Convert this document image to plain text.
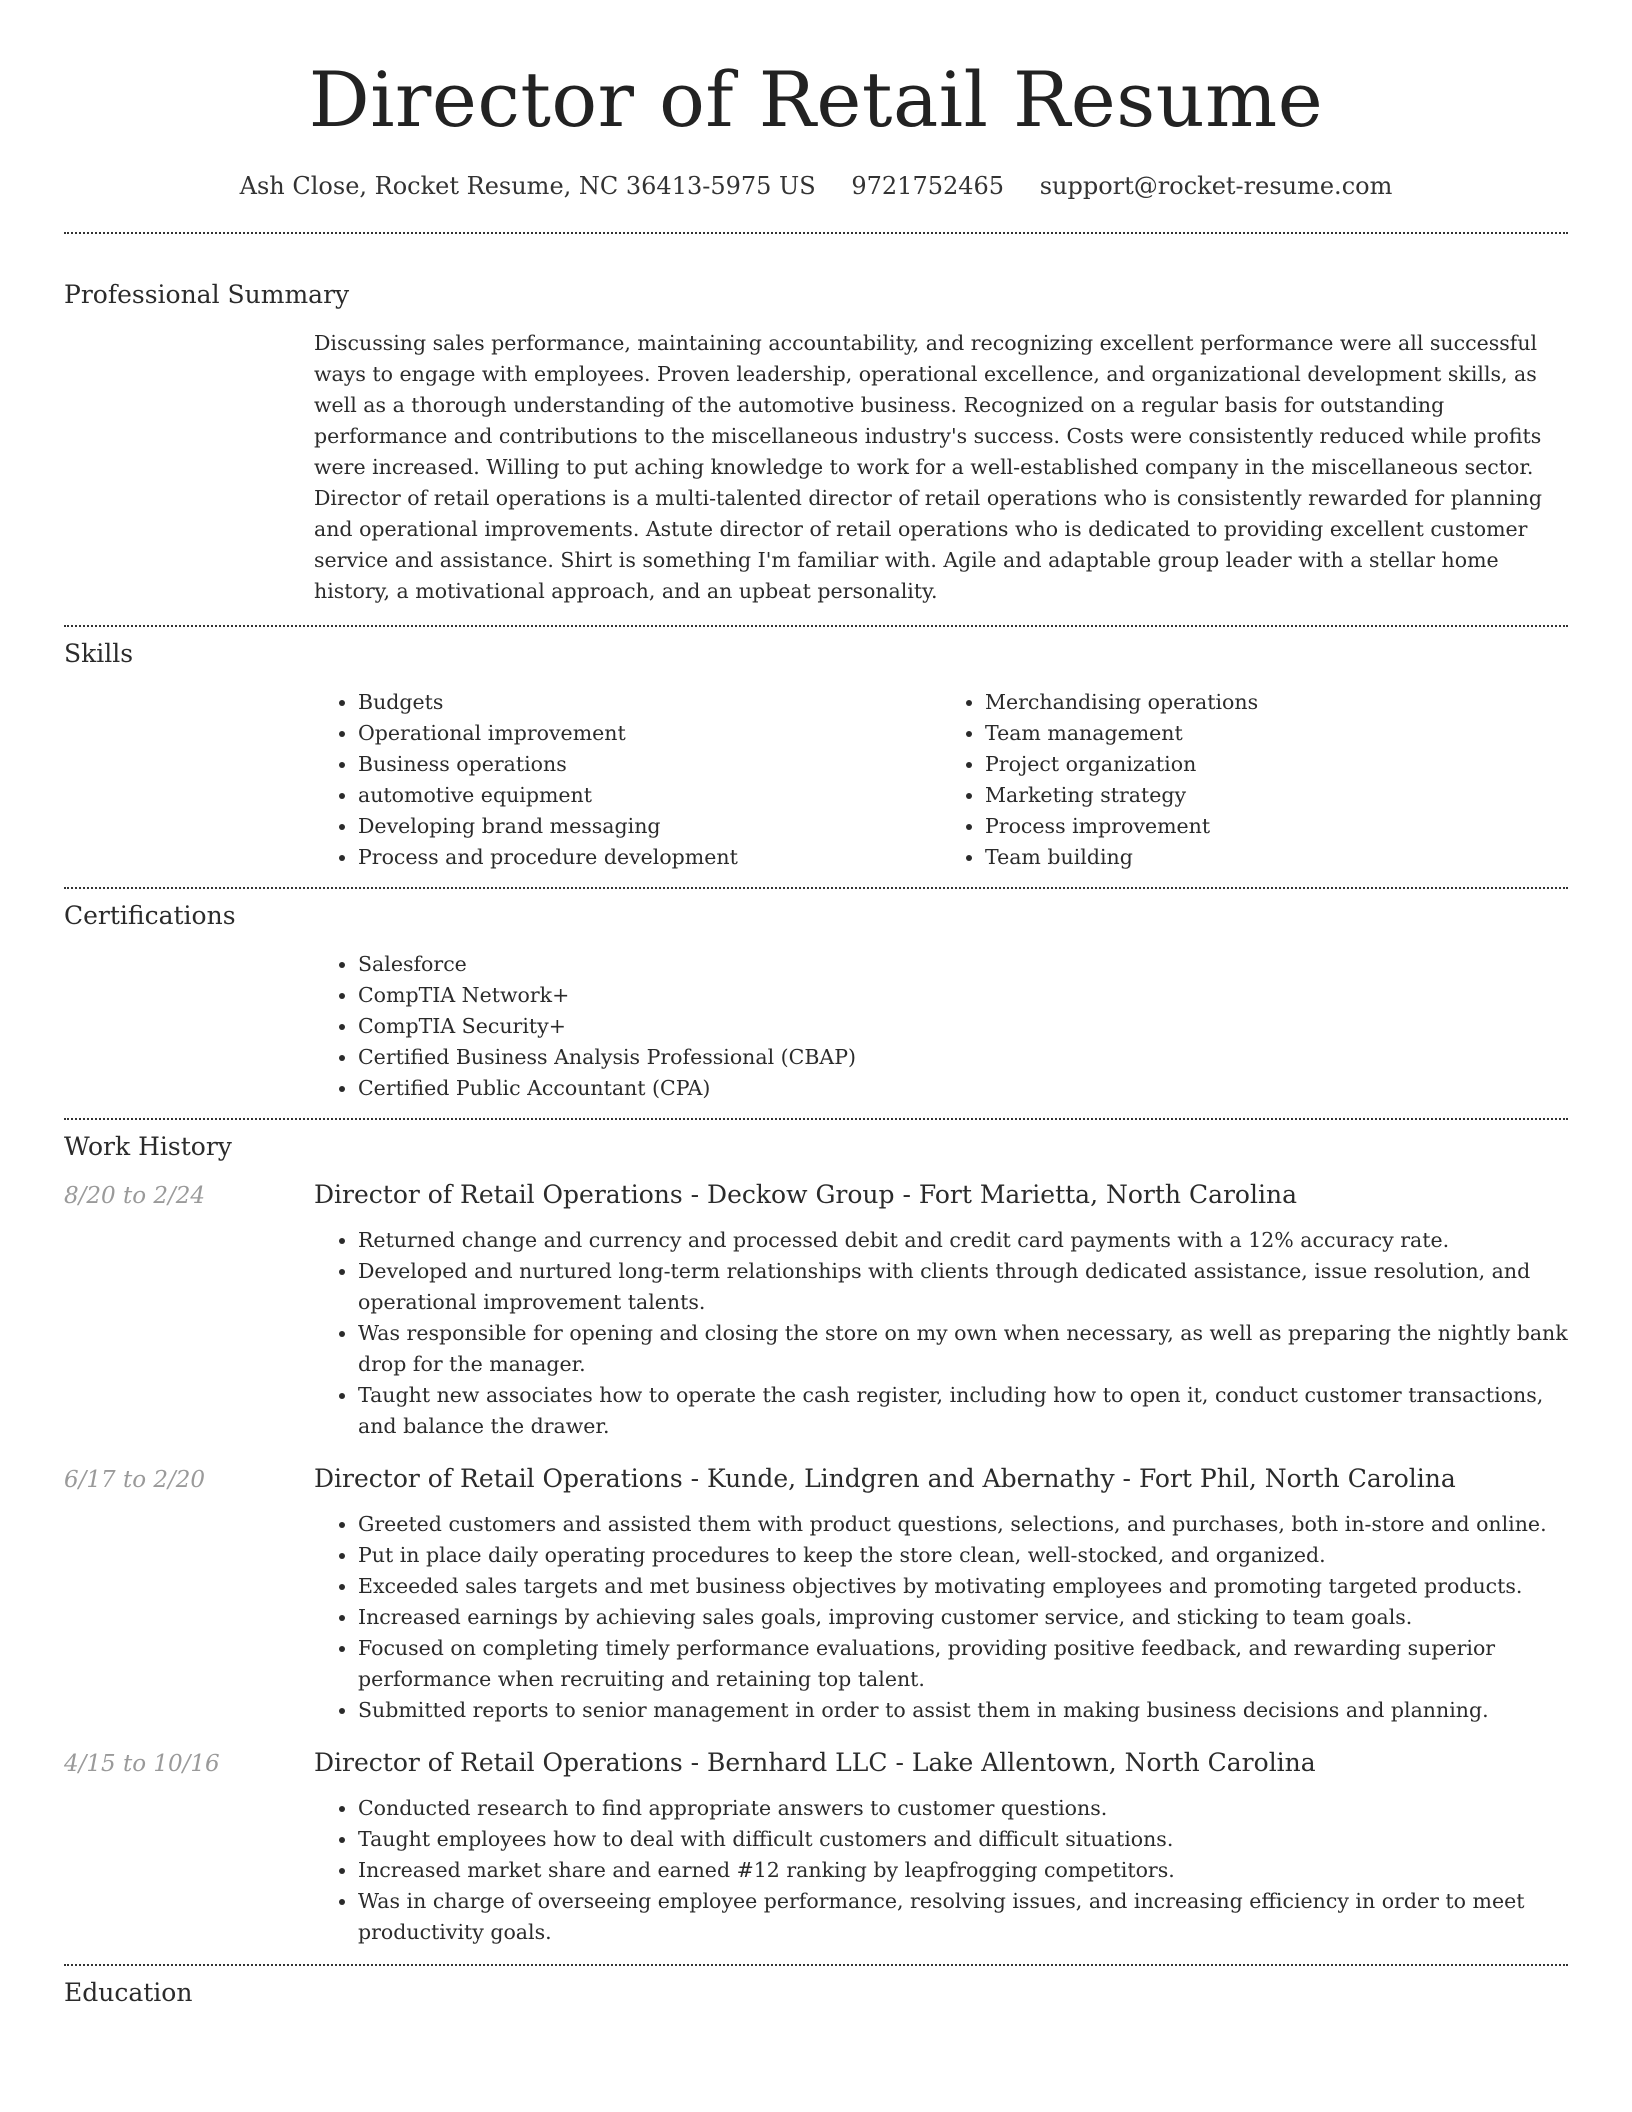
Director of Retail Resume
Ash Close, Rocket Resume, NC 36413-5975 US 9721752465 support@rocket-resume.com
Professional Summary
Discussing sales performance, maintaining accountability, and recognizing excellent performance were all successful ways to engage with employees. Proven leadership, operational excellence, and organizational development skills, as well as a thorough understanding of the automotive business. Recognized on a regular basis for outstanding performance and contributions to the miscellaneous industry's success. Costs were consistently reduced while profits were increased. Willing to put aching knowledge to work for a well-established company in the miscellaneous sector. Director of retail operations is a multi-talented director of retail operations who is consistently rewarded for planning and operational improvements. Astute director of retail operations who is dedicated to providing excellent customer service and assistance. Shirt is something I'm familiar with. Agile and adaptable group leader with a stellar home history, a motivational approach, and an upbeat personality.
Skills
• Budgets
• Operational improvement
• Business operations
• automotive equipment
• Developing brand messaging
• Process and procedure development
• Merchandising operations
• Team management
• Project organization
• Marketing strategy
• Process improvement
• Team building
Certifications
• Salesforce
• CompTIA Network+
• CompTIA Security+
• Certified Business Analysis Professional (CBAP)
• Certified Public Accountant (CPA)
Work History
8/20 to 2/24	Director of Retail Operations - Deckow Group - Fort Marietta, North Carolina
• Returned change and currency and processed debit and credit card payments with a 12% accuracy rate.
• Developed and nurtured long-term relationships with clients through dedicated assistance, issue resolution, and operational improvement talents.
• Was responsible for opening and closing the store on my own when necessary, as well as preparing the nightly bank drop for the manager.
• Taught new associates how to operate the cash register, including how to open it, conduct customer transactions, and balance the drawer.
6/17 to 2/20	Director of Retail Operations - Kunde, Lindgren and Abernathy - Fort Phil, North Carolina
• Greeted customers and assisted them with product questions, selections, and purchases, both in-store and online.
• Put in place daily operating procedures to keep the store clean, well-stocked, and organized.
• Exceeded sales targets and met business objectives by motivating employees and promoting targeted products.
• Increased earnings by achieving sales goals, improving customer service, and sticking to team goals.
• Focused on completing timely performance evaluations, providing positive feedback, and rewarding superior performance when recruiting and retaining top talent.
• Submitted reports to senior management in order to assist them in making business decisions and planning.
4/15 to 10/16	Director of Retail Operations - Bernhard LLC - Lake Allentown, North Carolina
• Conducted research to find appropriate answers to customer questions.
• Taught employees how to deal with difficult customers and difficult situations.
• Increased market share and earned #12 ranking by leapfrogging competitors.
• Was in charge of overseeing employee performance, resolving issues, and increasing efficiency in order to meet productivity goals.
Education
